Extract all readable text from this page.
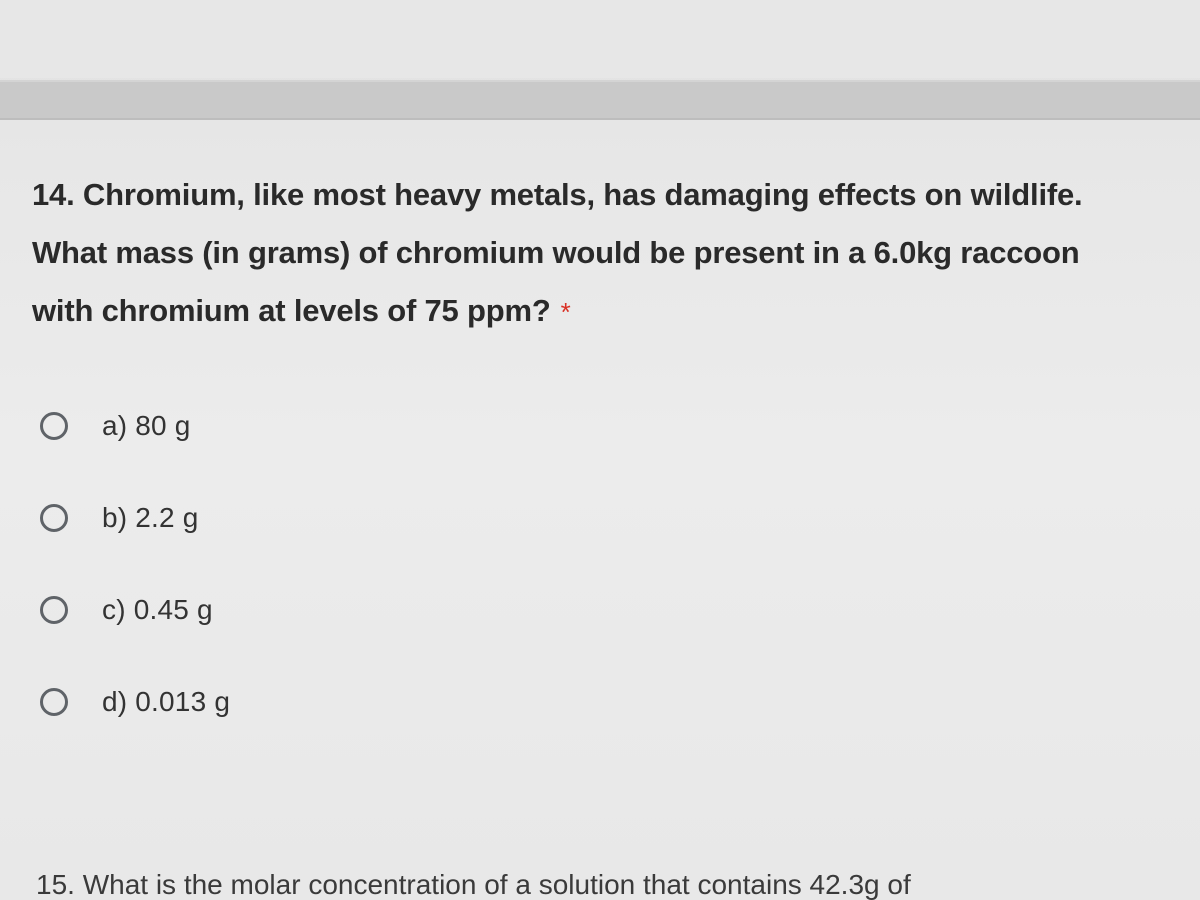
14. Chromium, like most heavy metals, has damaging effects on wildlife.
What mass (in grams) of chromium would be present in a 6.0kg raccoon
with chromium at levels of 75 ppm? *

a) 80 g
b) 2.2 g
c) 0.45 g
d) 0.013 g
15. What is the molar concentration of a solution that contains 42.3g of
